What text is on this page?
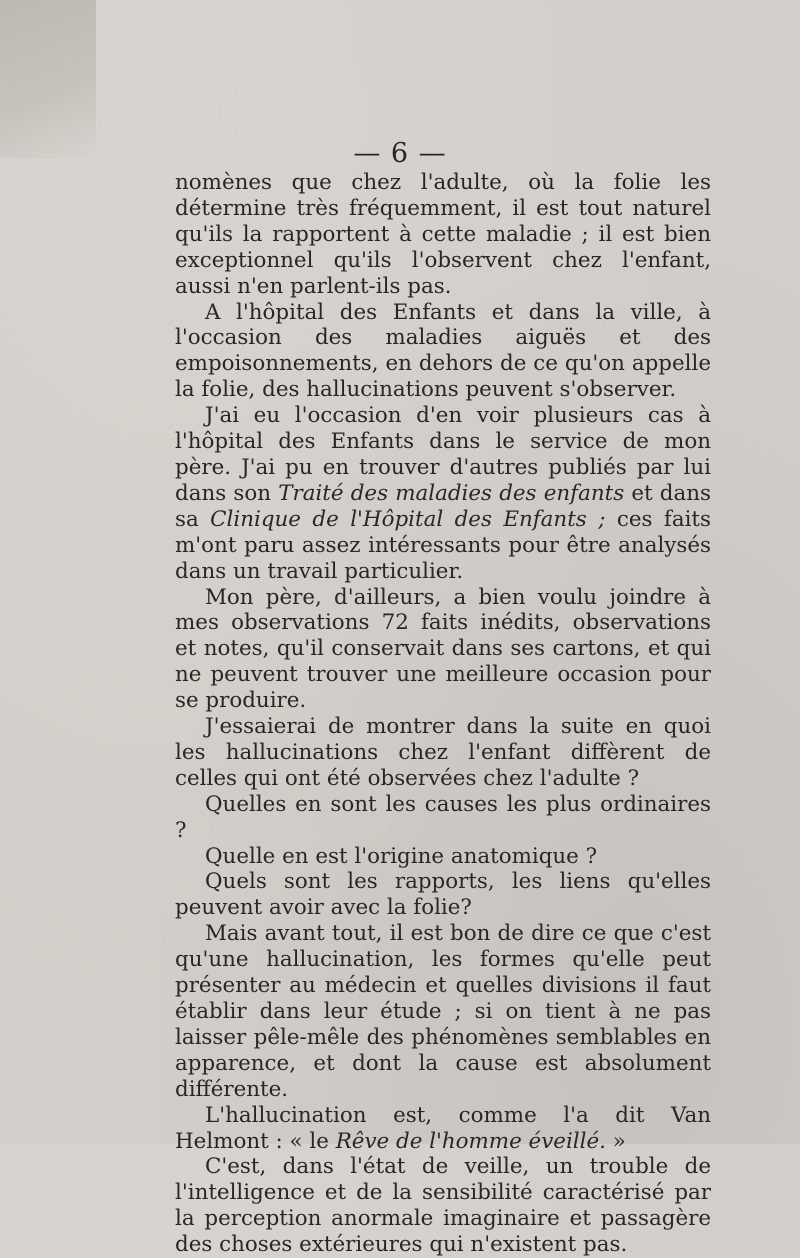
— 6 —

nomènes que chez l'adulte, où la folie les détermine très fréquemment, il est tout naturel qu'ils la rapportent à cette maladie ; il est bien exceptionnel qu'ils l'observent chez l'enfant, aussi n'en parlent-ils pas.

A l'hôpital des Enfants et dans la ville, à l'occasion des maladies aiguës et des empoisonnements, en dehors de ce qu'on appelle la folie, des hallucinations peuvent s'observer.

J'ai eu l'occasion d'en voir plusieurs cas à l'hôpital des Enfants dans le service de mon père. J'ai pu en trouver d'autres publiés par lui dans son Traité des maladies des enfants et dans sa Clinique de l'Hôpital des Enfants ; ces faits m'ont paru assez intéressants pour être analysés dans un travail particulier.

Mon père, d'ailleurs, a bien voulu joindre à mes observations 72 faits inédits, observations et notes, qu'il conservait dans ses cartons, et qui ne peuvent trouver une meilleure occasion pour se produire.

J'essaierai de montrer dans la suite en quoi les hallucinations chez l'enfant diffèrent de celles qui ont été observées chez l'adulte ?

Quelles en sont les causes les plus ordinaires ?

Quelle en est l'origine anatomique ?

Quels sont les rapports, les liens qu'elles peuvent avoir avec la folie?

Mais avant tout, il est bon de dire ce que c'est qu'une hallucination, les formes qu'elle peut présenter au médecin et quelles divisions il faut établir dans leur étude ; si on tient à ne pas laisser pêle-mêle des phénomènes semblables en apparence, et dont la cause est absolument différente.

L'hallucination est, comme l'a dit Van Helmont : « le Rêve de l'homme éveillé. »

C'est, dans l'état de veille, un trouble de l'intelligence et de la sensibilité caractérisé par la perception anormale imaginaire et passagère des choses extérieures qui n'existent pas.
